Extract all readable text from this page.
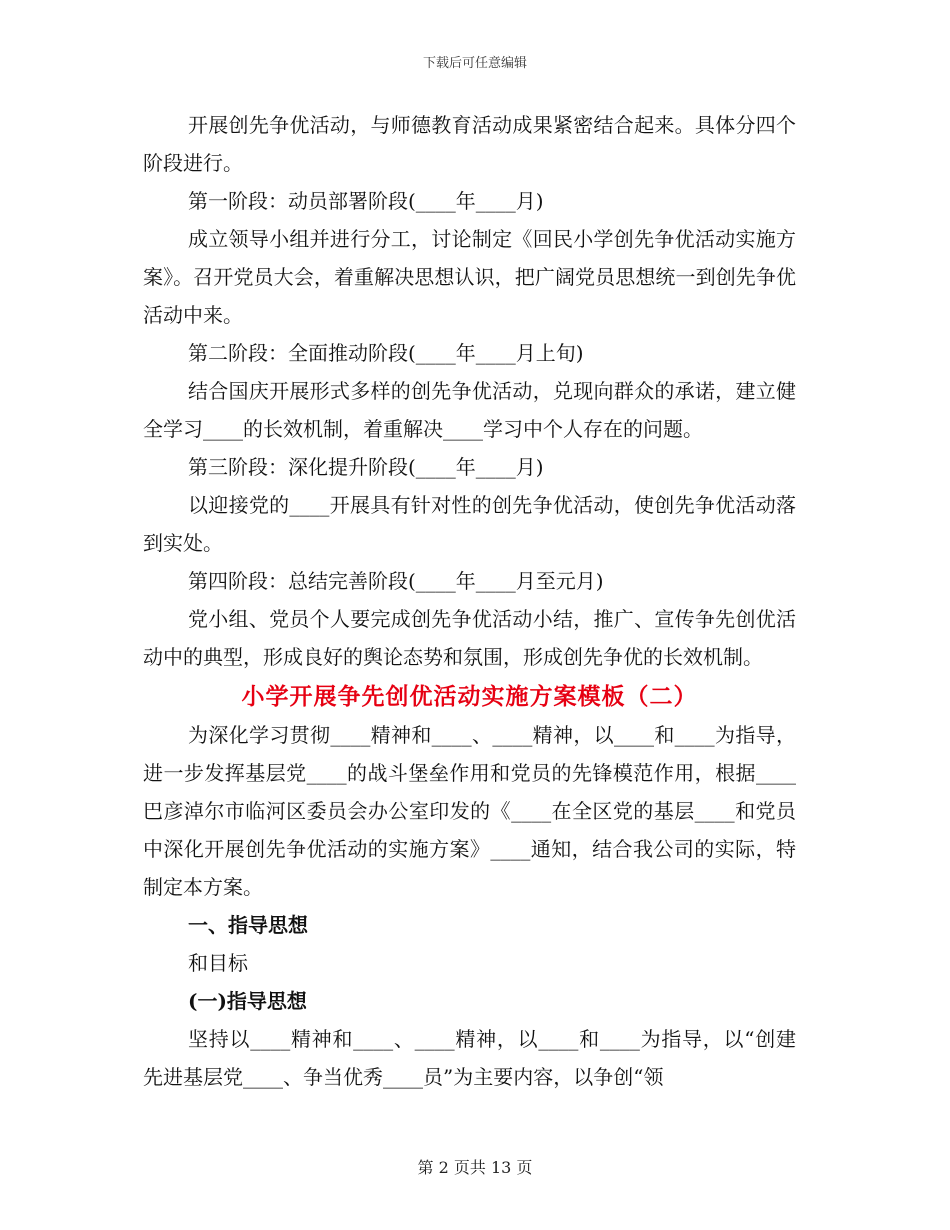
下载后可任意编辑

开展创先争优活动，与师德教育活动成果紧密结合起来。具体分四个阶段进行。

第一阶段：动员部署阶段(____年____月)

成立领导小组并进行分工，讨论制定《回民小学创先争优活动实施方案》。召开党员大会，着重解决思想认识，把广阔党员思想统一到创先争优活动中来。

第二阶段：全面推动阶段(____年____月上旬)

结合国庆开展形式多样的创先争优活动，兑现向群众的承诺，建立健全学习____的长效机制，着重解决____学习中个人存在的问题。

第三阶段：深化提升阶段(____年____月)

以迎接党的____开展具有针对性的创先争优活动，使创先争优活动落到实处。

第四阶段：总结完善阶段(____年____月至元月)

党小组、党员个人要完成创先争优活动小结，推广、宣传争先创优活动中的典型，形成良好的舆论态势和氛围，形成创先争优的长效机制。

小学开展争先创优活动实施方案模板（二）

为深化学习贯彻____精神和____、____精神，以____和____为指导，进一步发挥基层党____的战斗堡垒作用和党员的先锋模范作用，根据____巴彦淖尔市临河区委员会办公室印发的《____在全区党的基层____和党员中深化开展创先争优活动的实施方案》____通知，结合我公司的实际，特制定本方案。

一、指导思想

和目标

(一)指导思想

坚持以____精神和____、____精神，以____和____为指导，以“创建先进基层党____、争当优秀____员”为主要内容，以争创“领

第 2 页共 13 页
